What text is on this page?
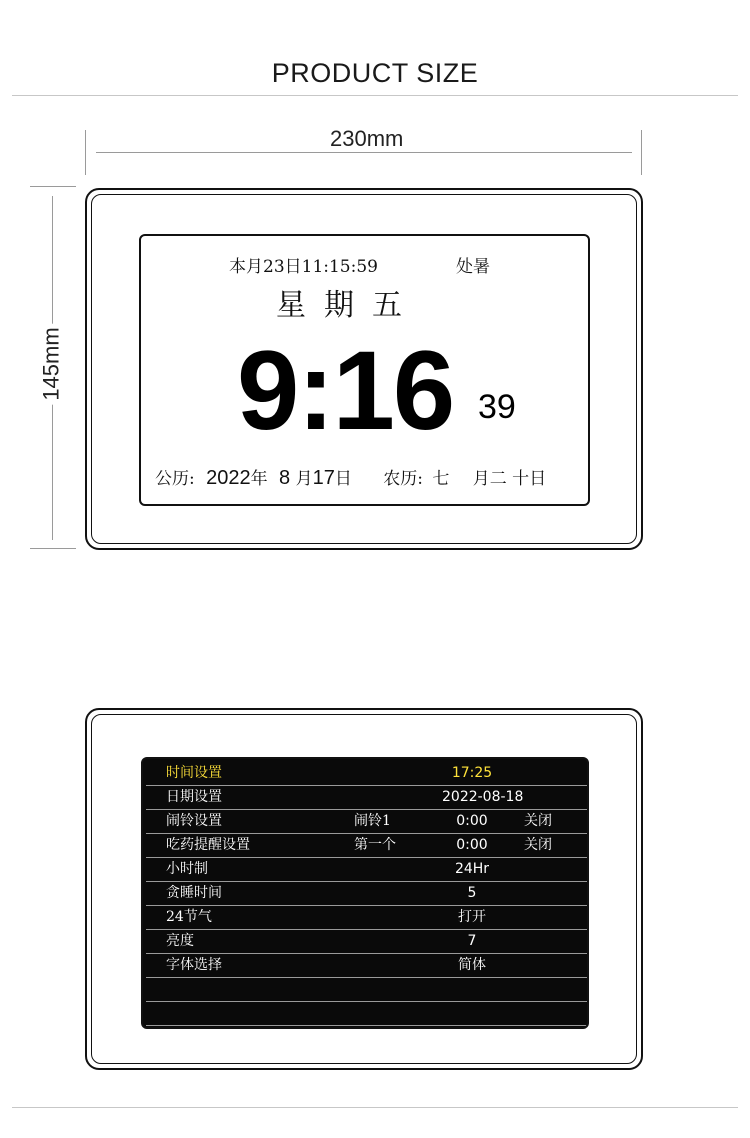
PRODUCT SIZE
230mm
145mm
本月23日11:15:59	处暑
星期五
9:16 39
公历: 2022年 8 月17日 农历: 七 月二 十日
时间设置	17:25
日期设置	2022-08-18
闹铃设置	闹铃1	0:00	关闭
吃药提醒设置	第一个	0:00	关闭
小时制	24Hr
贪睡时间	5
24节气	打开
亮度	7
字体选择	简体
